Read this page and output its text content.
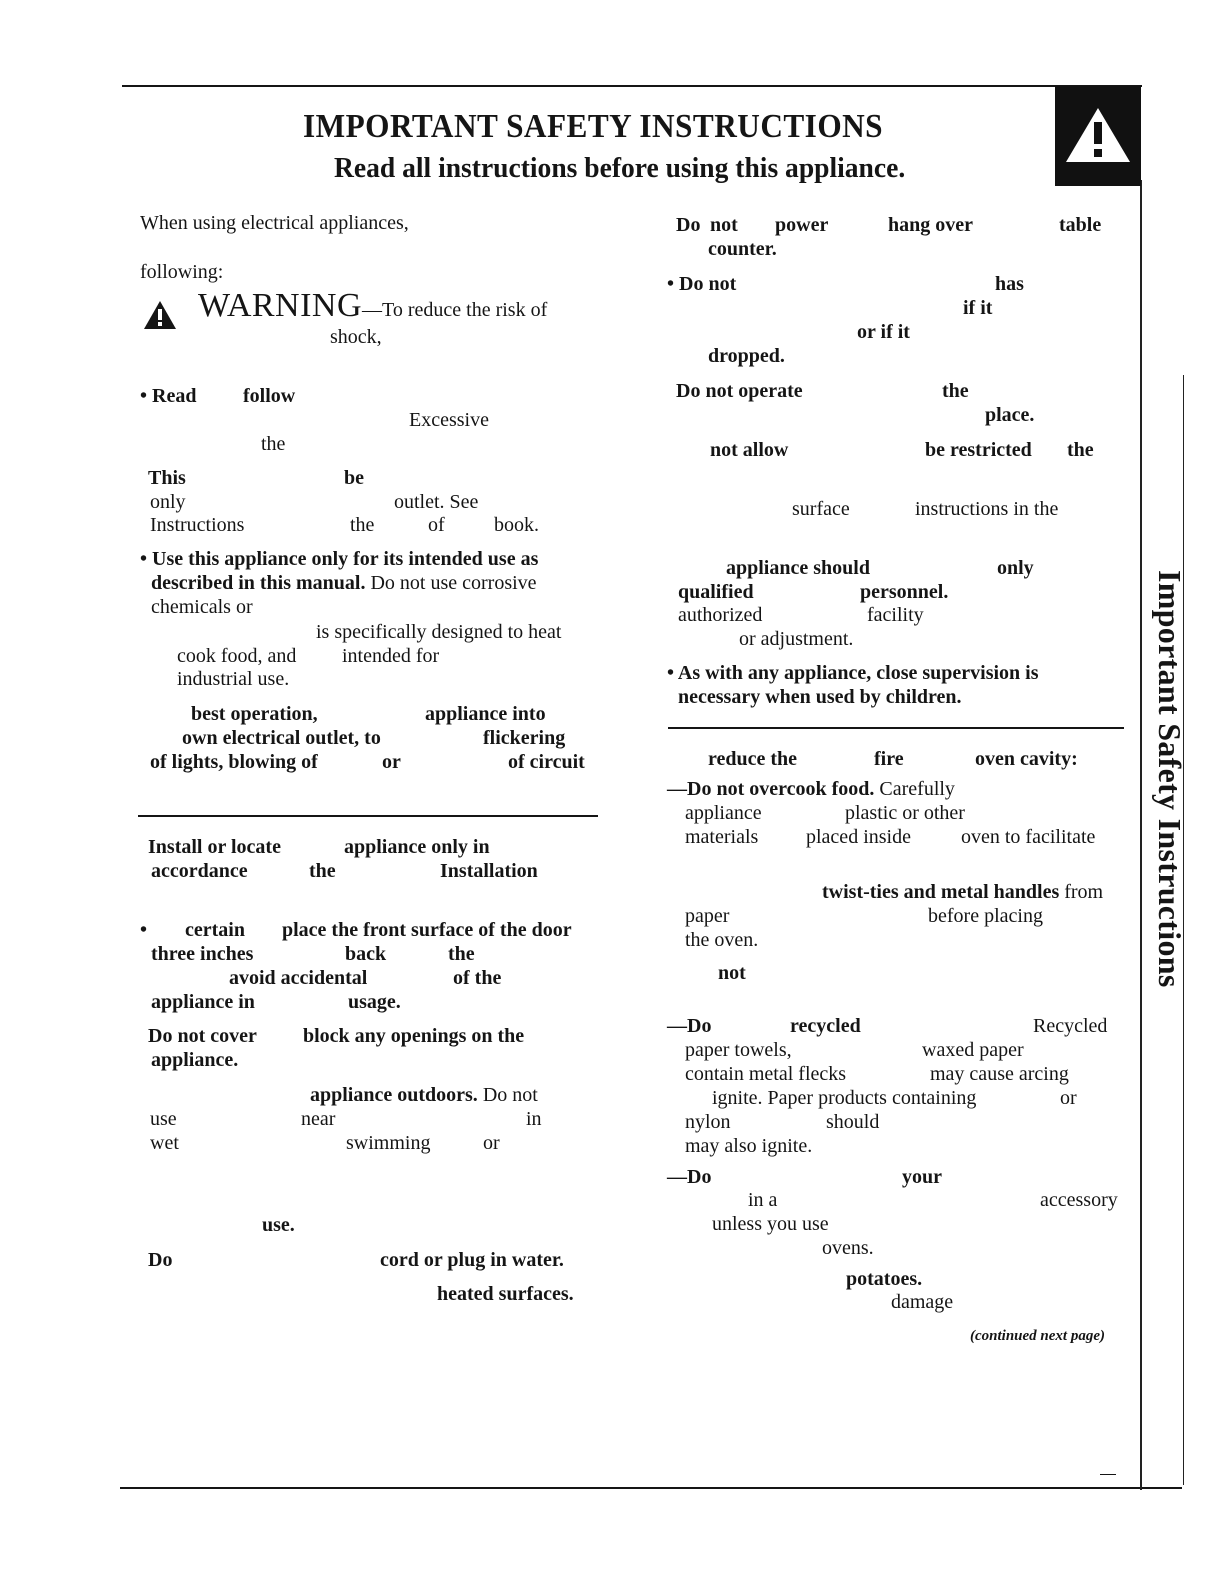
IMPORTANT SAFETY INSTRUCTIONS
Read all instructions before using this appliance.
Important Safety Instructions
When using electrical appliances,
following:
WARNING—To reduce the risk of
shock,
• Read follow
Excessive
the
This	be
only	outlet. See
Instructions	the	of book.
• Use this appliance only for its intended use as
described in this manual. Do not use corrosive
chemicals or
is specifically designed to heat
cook food, and intended for
industrial use.
best operation,	appliance into
own electrical outlet, to	flickering
of lights, blowing of	or	of circuit
Install or locate	appliance only in
accordance	the	Installation
• certain place the front surface of the door
three inches	back	the
avoid accidental	of the
appliance in	usage.
Do not cover block any openings on the
appliance.
appliance outdoors. Do not
use	near	in
wet	swimming	or
use.
Do	cord or plug in water.
heated surfaces.
Do not power	hang over	table
counter.
• Do not	has
if it
or if it
dropped.
Do not operate	the
place.
not allow	be restricted the
surface	instructions in the
appliance should	only
qualified	personnel.
authorized	facility
or adjustment.
• As with any appliance, close supervision is
necessary when used by children.
reduce the	fire	oven cavity:
—Do not overcook food. Carefully
appliance	plastic or other
materials placed inside	oven to facilitate
twist-ties and metal handles from
paper	before placing
the oven.
not
—Do	recycled	Recycled
paper towels,	waxed paper
contain metal flecks	may cause arcing
ignite. Paper products containing	or
nylon	should
may also ignite.
—Do	your
in a	accessory
unless you use
ovens.
potatoes.
damage
(continued next page)
